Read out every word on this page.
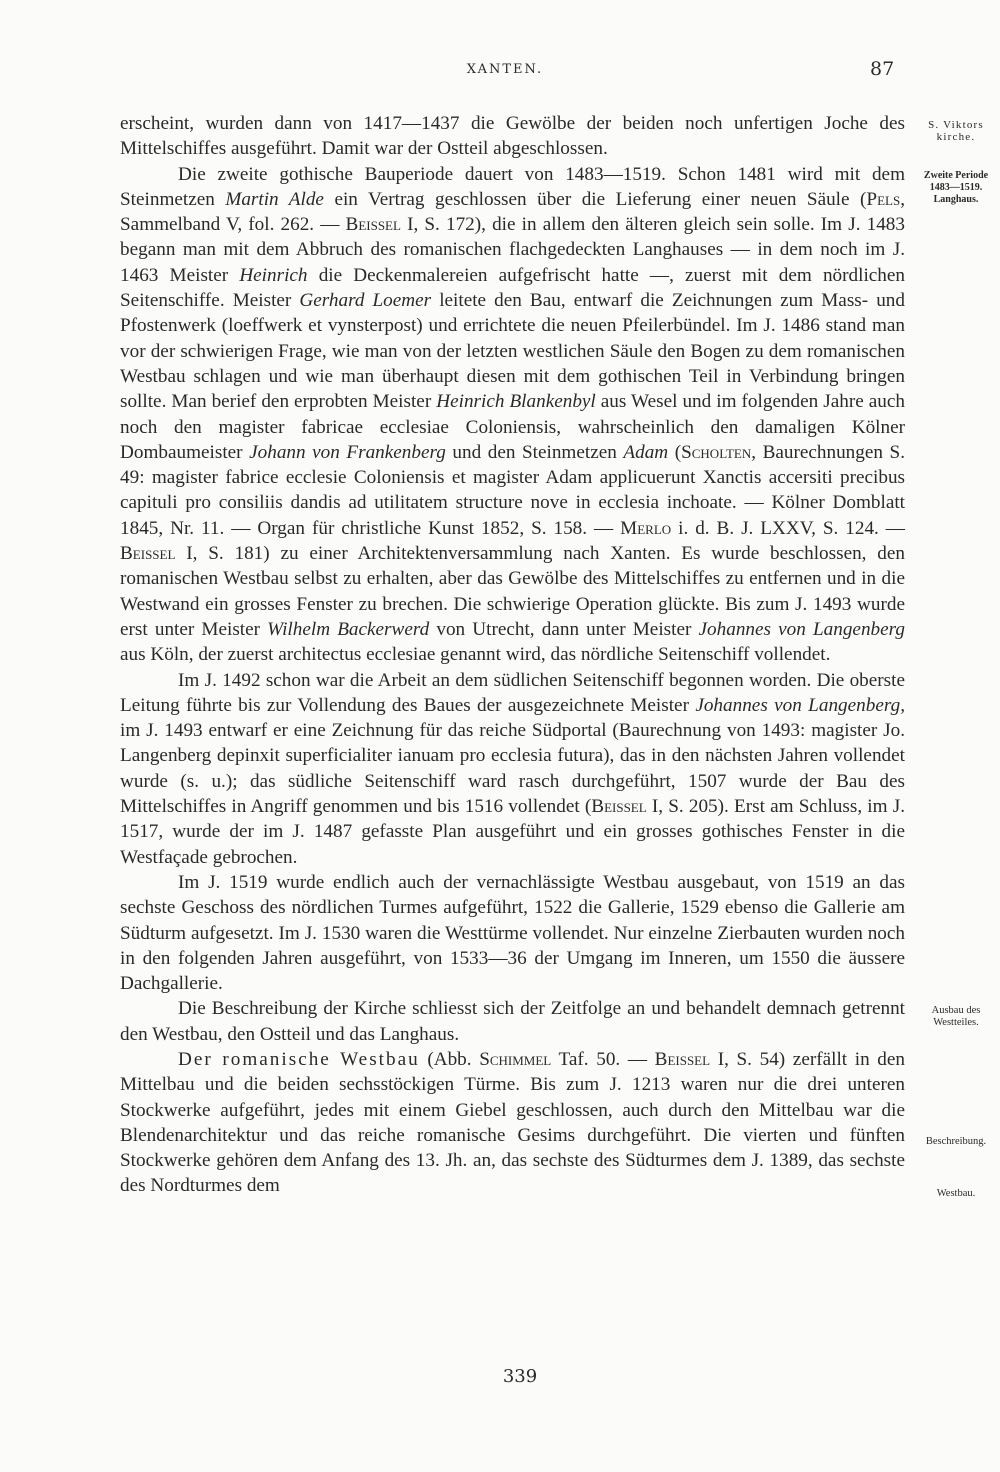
XANTEN.	87
S. Viktors
kirche.
Zweite Periode
1483—1519.
Langhaus.
Ausbau des
Westteiles.
Beschreibung.
Westbau.

erscheint, wurden dann von 1417—1437 die Gewölbe der beiden noch unfertigen Joche des Mittelschiffes ausgeführt. Damit war der Ostteil abgeschlossen.

Die zweite gothische Bauperiode dauert von 1483—1519. Schon 1481 wird mit dem Steinmetzen Martin Alde ein Vertrag geschlossen über die Lieferung einer neuen Säule (Pels, Sammelband V, fol. 262. — Beissel I, S. 172), die in allem den älteren gleich sein solle. Im J. 1483 begann man mit dem Abbruch des romanischen flachgedeckten Langhauses — in dem noch im J. 1463 Meister Heinrich die Deckenmalereien aufgefrischt hatte —, zuerst mit dem nördlichen Seitenschiffe. Meister Gerhard Loemer leitete den Bau, entwarf die Zeichnungen zum Mass- und Pfostenwerk (loeffwerk et vynsterpost) und errichtete die neuen Pfeilerbündel. Im J. 1486 stand man vor der schwierigen Frage, wie man von der letzten westlichen Säule den Bogen zu dem romanischen Westbau schlagen und wie man überhaupt diesen mit dem gothischen Teil in Verbindung bringen sollte. Man berief den erprobten Meister Heinrich Blankenbyl aus Wesel und im folgenden Jahre auch noch den magister fabricae ecclesiae Coloniensis, wahrscheinlich den damaligen Kölner Dombaumeister Johann von Frankenberg und den Steinmetzen Adam (Scholten, Baurechnungen S. 49: magister fabrice ecclesie Coloniensis et magister Adam applicuerunt Xanctis accersiti precibus capituli pro consiliis dandis ad utilitatem structure nove in ecclesia inchoate. — Kölner Domblatt 1845, Nr. 11. — Organ für christliche Kunst 1852, S. 158. — Merlo i. d. B. J. LXXV, S. 124. — Beissel I, S. 181) zu einer Architektenversammlung nach Xanten. Es wurde beschlossen, den romanischen Westbau selbst zu erhalten, aber das Gewölbe des Mittelschiffes zu entfernen und in die Westwand ein grosses Fenster zu brechen. Die schwierige Operation glückte. Bis zum J. 1493 wurde erst unter Meister Wilhelm Backerwerd von Utrecht, dann unter Meister Johannes von Langenberg aus Köln, der zuerst architectus ecclesiae genannt wird, das nördliche Seitenschiff vollendet.

Im J. 1492 schon war die Arbeit an dem südlichen Seitenschiff begonnen worden. Die oberste Leitung führte bis zur Vollendung des Baues der ausgezeichnete Meister Johannes von Langenberg, im J. 1493 entwarf er eine Zeichnung für das reiche Südportal (Baurechnung von 1493: magister Jo. Langenberg depinxit superficialiter ianuam pro ecclesia futura), das in den nächsten Jahren vollendet wurde (s. u.); das südliche Seitenschiff ward rasch durchgeführt, 1507 wurde der Bau des Mittelschiffes in Angriff genommen und bis 1516 vollendet (Beissel I, S. 205). Erst am Schluss, im J. 1517, wurde der im J. 1487 gefasste Plan ausgeführt und ein grosses gothisches Fenster in die Westfaçade gebrochen.

Im J. 1519 wurde endlich auch der vernachlässigte Westbau ausgebaut, von 1519 an das sechste Geschoss des nördlichen Turmes aufgeführt, 1522 die Gallerie, 1529 ebenso die Gallerie am Südturm aufgesetzt. Im J. 1530 waren die Westtürme vollendet. Nur einzelne Zierbauten wurden noch in den folgenden Jahren ausgeführt, von 1533—36 der Umgang im Inneren, um 1550 die äussere Dachgallerie.

Die Beschreibung der Kirche schliesst sich der Zeitfolge an und behandelt demnach getrennt den Westbau, den Ostteil und das Langhaus.

Der romanische Westbau (Abb. Schimmel Taf. 50. — Beissel I, S. 54) zerfällt in den Mittelbau und die beiden sechsstöckigen Türme. Bis zum J. 1213 waren nur die drei unteren Stockwerke aufgeführt, jedes mit einem Giebel geschlossen, auch durch den Mittelbau war die Blendenarchitektur und das reiche romanische Gesims durchgeführt. Die vierten und fünften Stockwerke gehören dem Anfang des 13. Jh. an, das sechste des Südturmes dem J. 1389, das sechste des Nordturmes dem

339
